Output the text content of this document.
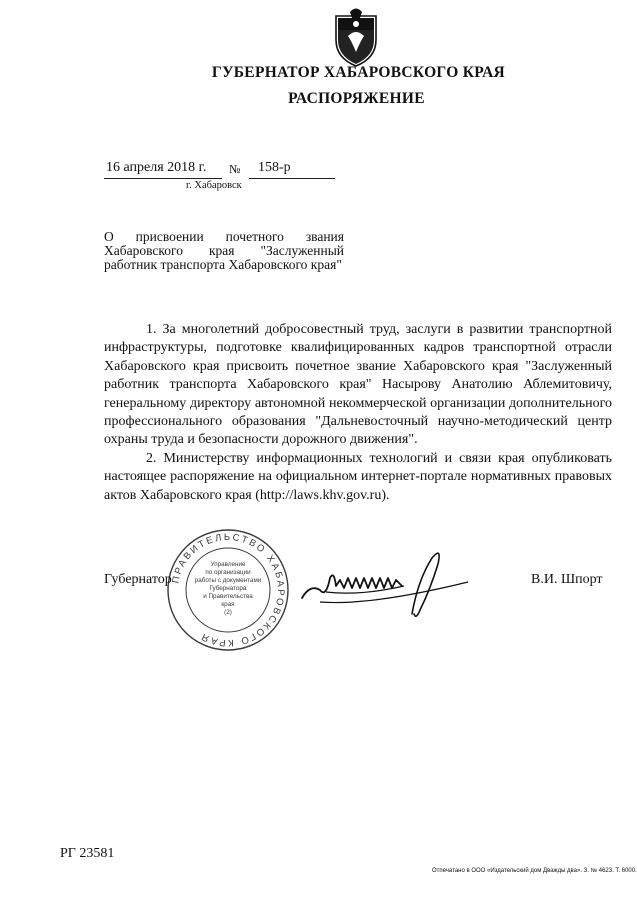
ГУБЕРНАТОР ХАБАРОВСКОГО КРАЯ
РАСПОРЯЖЕНИЕ
16 апреля 2018 г. № 158-р
г. Хабаровск
О присвоении почетного звания Хабаровского края "Заслуженный работник транспорта Хабаровского края"

1. За многолетний добросовестный труд, заслуги в развитии транспортной инфраструктуры, подготовке квалифицированных кадров транспортной отрасли Хабаровского края присвоить почетное звание Хабаровского края "Заслуженный работник транспорта Хабаровского края" Насырову Анатолию Аблемитовичу, генеральному директору автономной некоммерческой организации дополнительного профессионального образования "Дальневосточный научно-методический центр охраны труда и безопасности дорожного движения".

2. Министерству информационных технологий и связи края опубликовать настоящее распоряжение на официальном интернет-портале нормативных правовых актов Хабаровского края (http://laws.khv.gov.ru).

ПРАВИТЕЛЬСТВО ХАБАРОВСКОГО КРАЯ
Управление
по организации
работы с документами
Губернатора
и Правительства
края
(2)
Губернатор	В.И. Шпорт
РГ 23581
Отпечатано в ООО «Издательский дом Дважды два». З. № 4623. Т. 6000.
